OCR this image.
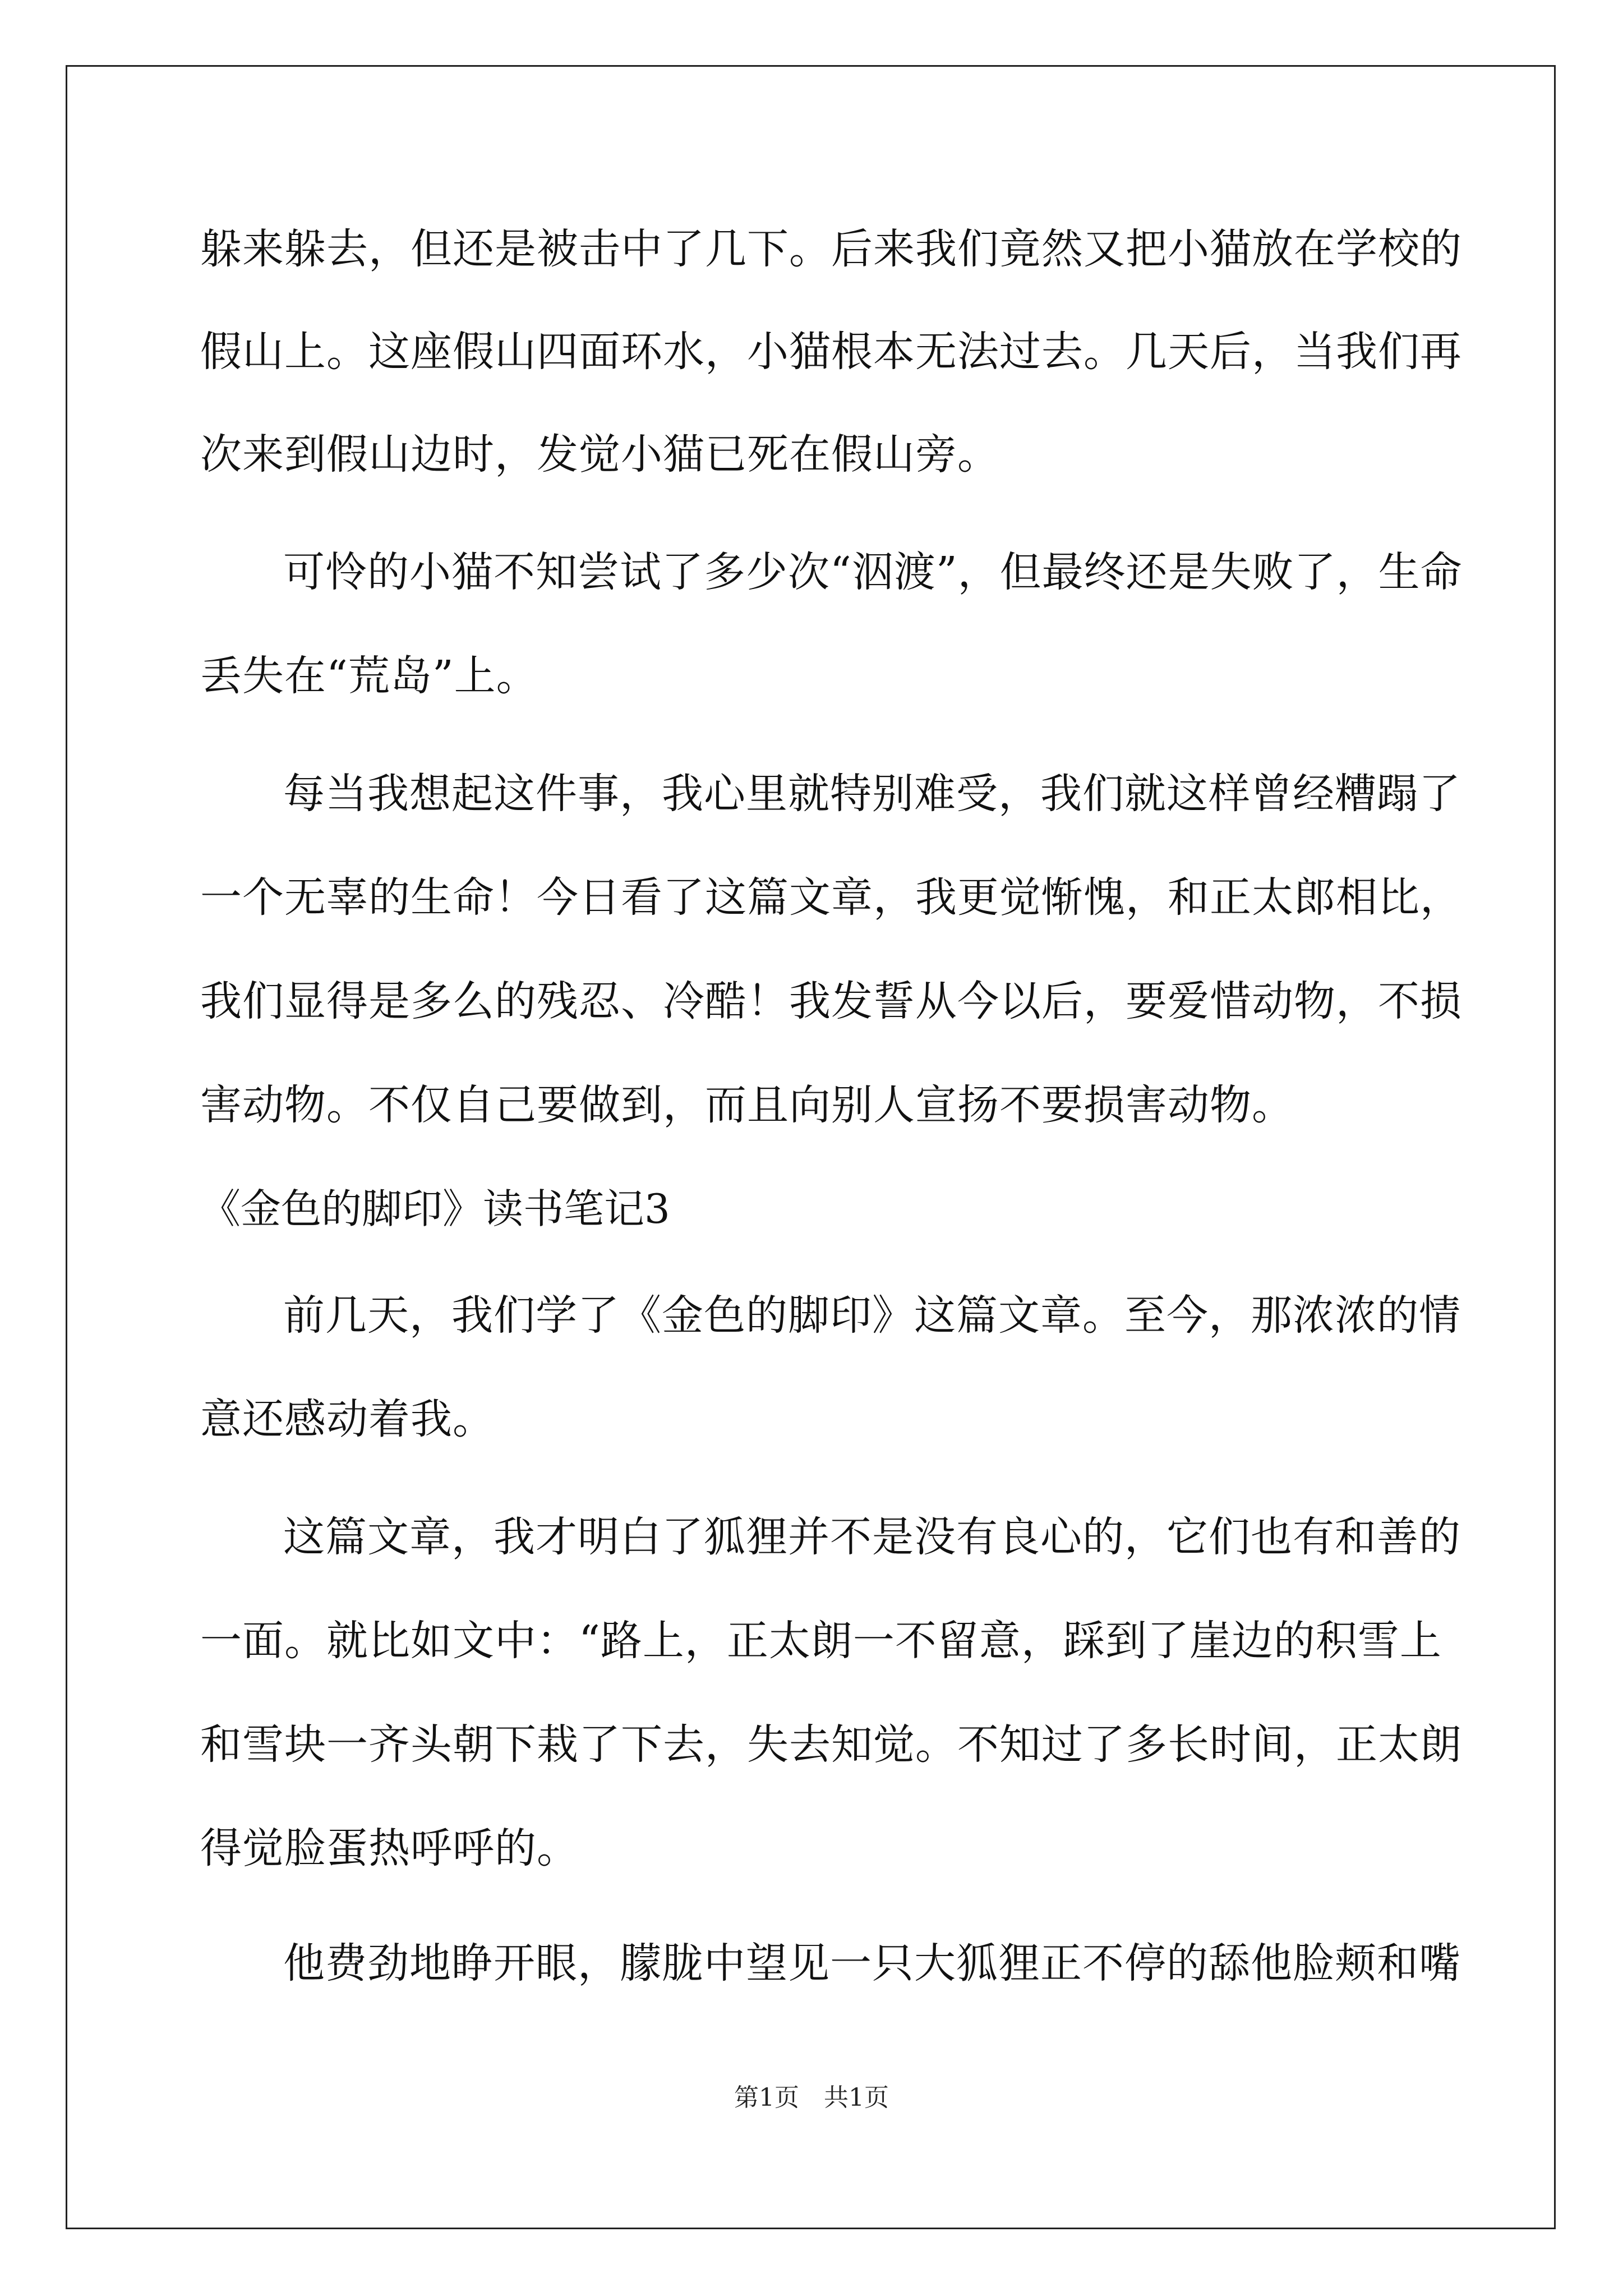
躲来躲去，但还是被击中了几下。后来我们竟然又把小猫放在学校的
假山上。这座假山四面环水，小猫根本无法过去。几天后，当我们再
次来到假山边时，发觉小猫已死在假山旁。
可怜的小猫不知尝试了多少次“泅渡”，但最终还是失败了，生命
丢失在“荒岛”上。
每当我想起这件事，我心里就特别难受，我们就这样曾经糟蹋了
一个无辜的生命！今日看了这篇文章，我更觉惭愧，和正太郎相比，
我们显得是多么的残忍、冷酷！我发誓从今以后，要爱惜动物，不损
害动物。不仅自己要做到，而且向别人宣扬不要损害动物。
《金色的脚印》读书笔记3
前几天，我们学了《金色的脚印》这篇文章。至今，那浓浓的情
意还感动着我。
这篇文章，我才明白了狐狸并不是没有良心的，它们也有和善的
一面。就比如文中：“路上，正太朗一不留意，踩到了崖边的积雪上
和雪块一齐头朝下栽了下去，失去知觉。不知过了多长时间，正太朗
得觉脸蛋热呼呼的。
他费劲地睁开眼，朦胧中望见一只大狐狸正不停的舔他脸颊和嘴
第1页　共1页
